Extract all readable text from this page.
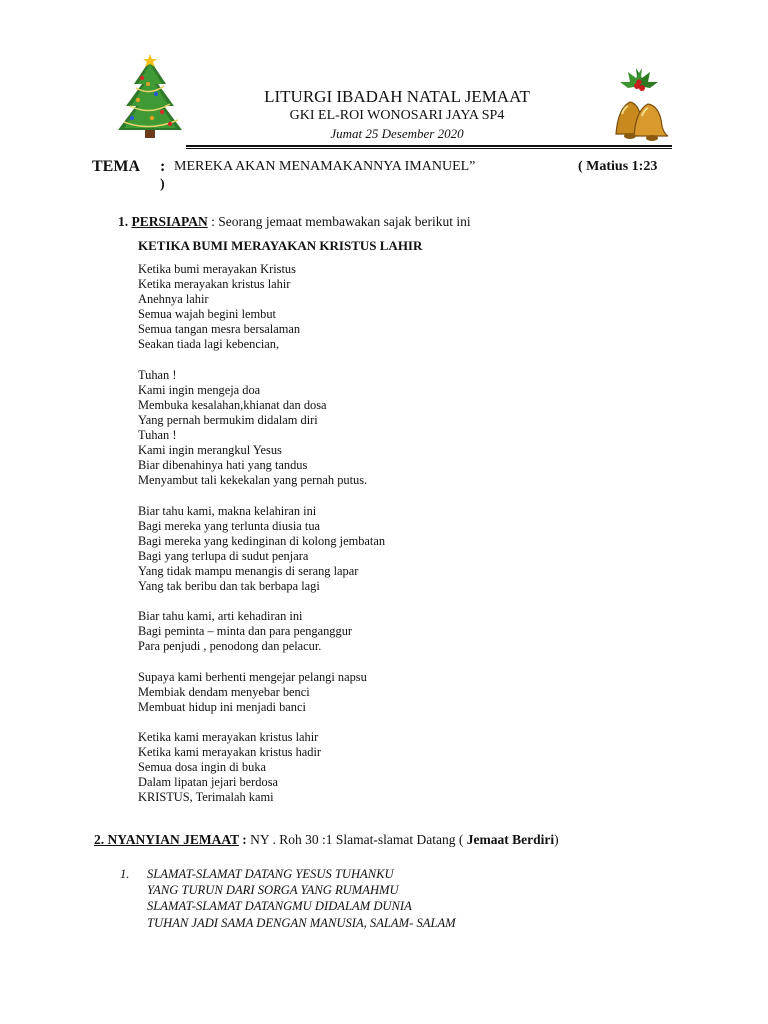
LITURGI IBADAH NATAL JEMAAT
GKI EL-ROI WONOSARI JAYA SP4
Jumat 25 Desember 2020
TEMA : MEREKA AKAN MENAMAKANNYA IMANUEL”	( Matius 1:23
)
1. PERSIAPAN : Seorang jemaat membawakan sajak berikut ini
KETIKA BUMI MERAYAKAN KRISTUS LAHIR
Ketika bumi merayakan Kristus
Ketika merayakan kristus lahir
Anehnya lahir
Semua wajah begini lembut
Semua tangan mesra bersalaman
Seakan tiada lagi kebencian,
Tuhan !
Kami ingin mengeja doa
Membuka kesalahan,khianat dan dosa
Yang pernah bermukim didalam diri
Tuhan !
Kami ingin merangkul Yesus
Biar dibenahinya hati yang tandus
Menyambut tali kekekalan yang pernah putus.
Biar tahu kami, makna kelahiran ini
Bagi mereka yang terlunta diusia tua
Bagi mereka yang kedinginan di kolong jembatan
Bagi yang terlupa di sudut penjara
Yang tidak mampu menangis di serang lapar
Yang tak beribu dan tak berbapa lagi
Biar tahu kami, arti kehadiran ini
Bagi peminta – minta dan para penganggur
Para penjudi , penodong dan pelacur.
Supaya kami berhenti mengejar pelangi napsu
Membiak dendam menyebar benci
Membuat hidup ini menjadi banci
Ketika kami merayakan kristus lahir
Ketika kami merayakan kristus hadir
Semua dosa ingin di buka
Dalam lipatan jejari berdosa
KRISTUS, Terimalah kami
2. NYANYIAN JEMAAT : NY . Roh 30 :1 Slamat-slamat Datang ( Jemaat Berdiri)
1. SLAMAT-SLAMAT DATANG YESUS TUHANKU
YANG TURUN DARI SORGA YANG RUMAHMU
SLAMAT-SLAMAT DATANGMU DIDALAM DUNIA
TUHAN JADI SAMA DENGAN MANUSIA, SALAM- SALAM
